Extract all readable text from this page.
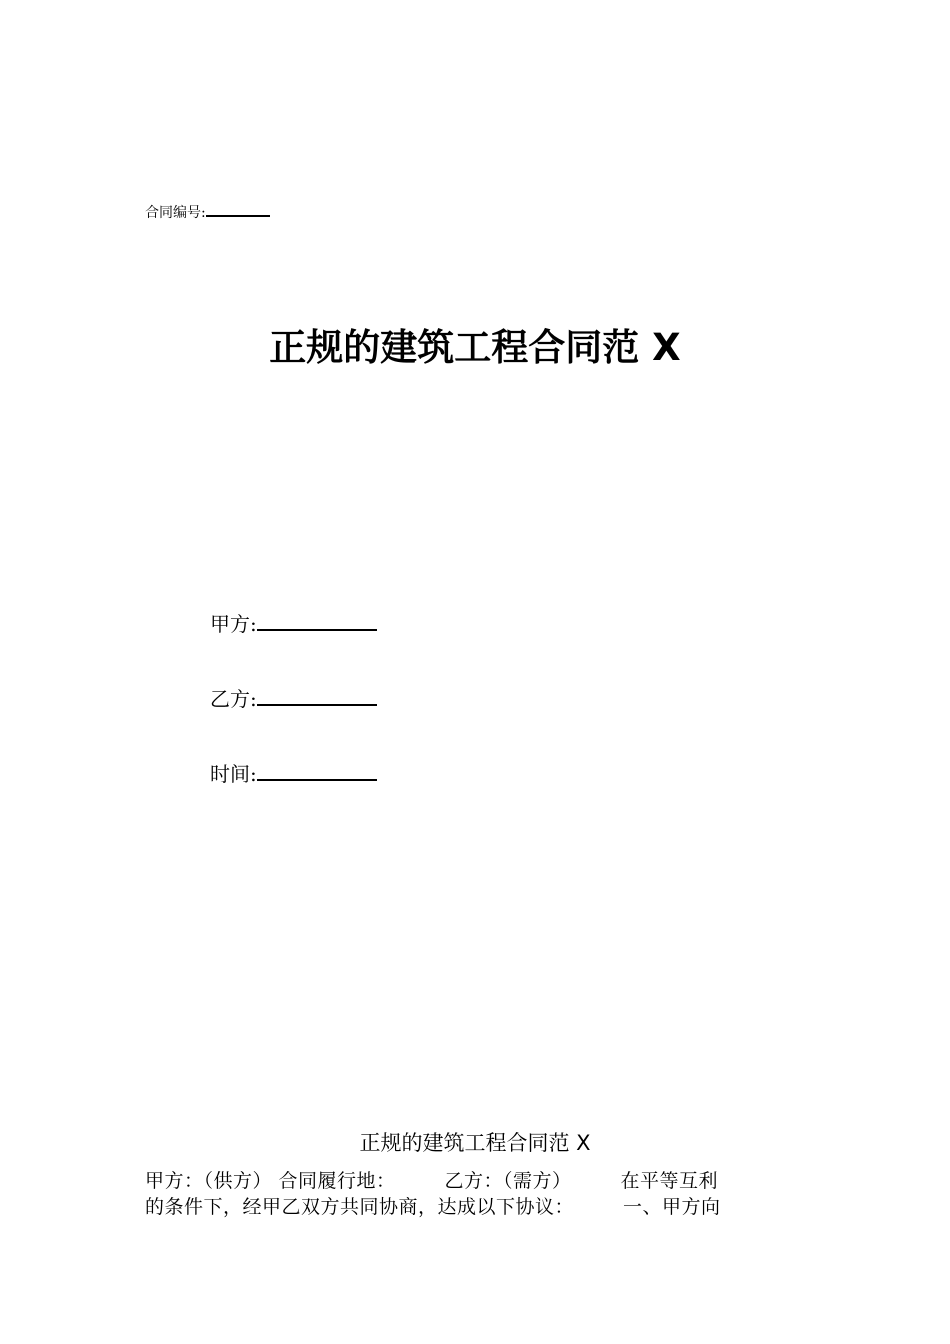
合同编号:
正规的建筑工程合同范 X
甲方:
乙方:
时间:
正规的建筑工程合同范 X
甲方：（供方） 合同履行地：　　　乙方：（需方）　　　在平等互利
的条件下，经甲乙双方共同协商，达成以下协议：　　　一、甲方向
